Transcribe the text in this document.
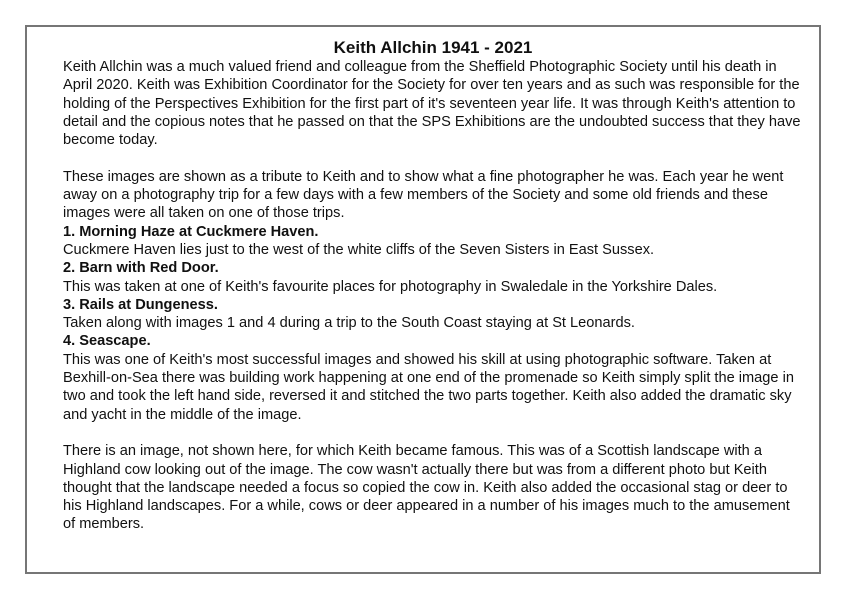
Keith Allchin 1941 - 2021

Keith Allchin was a much valued friend and colleague from the Sheffield Photographic Society until his death in April 2020. Keith was Exhibition Coordinator for the Society for over ten years and as such was responsible for the holding of the Perspectives Exhibition for the first part of it's seventeen year life. It was through Keith's attention to detail and the copious notes that he passed on that the SPS Exhibitions are the undoubted success that they have become today.

These images are shown as a tribute to Keith and to show what a fine photographer he was. Each year he went away on a photography trip for a few days with a few members of the Society and some old friends and these images were all taken on one of those trips.

1. Morning Haze at Cuckmere Haven.

Cuckmere Haven lies just to the west of the white cliffs of the Seven Sisters in East Sussex.

2. Barn with Red Door.

This was taken at one of Keith's favourite places for photography in Swaledale in the Yorkshire Dales.

3. Rails at Dungeness.

Taken along with images 1 and 4 during a trip to the South Coast staying at St Leonards.

4. Seascape.

This was one of Keith's most successful images and showed his skill at using photographic software. Taken at Bexhill-on-Sea there was building work happening at one end of the promenade so Keith simply split the image in two and took the left hand side, reversed it and stitched the two parts together. Keith also added the dramatic sky and yacht in the middle of the image.

There is an image, not shown here, for which Keith became famous. This was of a Scottish landscape with a Highland cow looking out of the image. The cow wasn't actually there but was from a different photo but Keith thought that the landscape needed a focus so copied the cow in. Keith also added the occasional stag or deer to his Highland landscapes. For a while, cows or deer appeared in a number of his images much to the amusement of members.
